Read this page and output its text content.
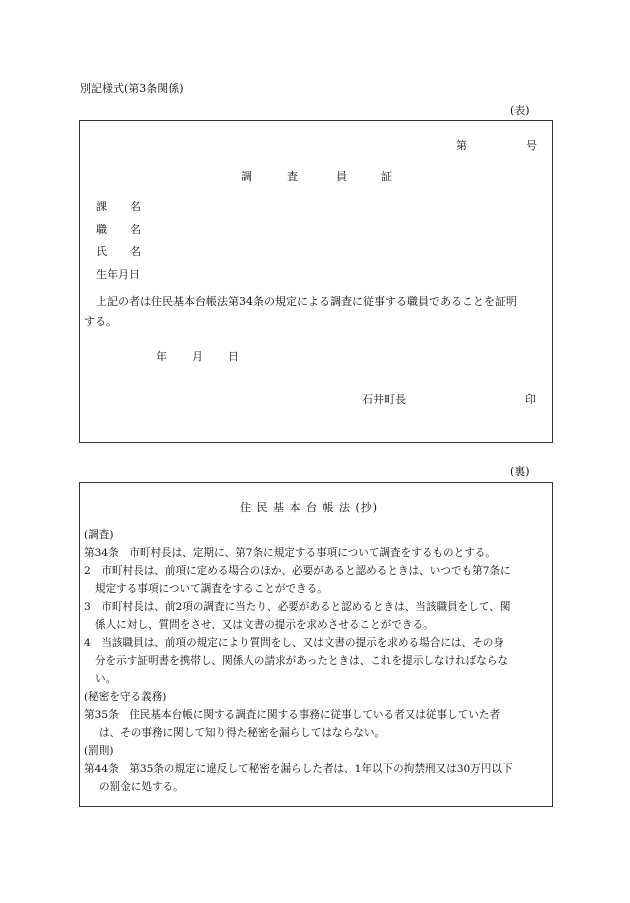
別記様式(第3条関係)
(表)
第	号
調	査	員	証
課 名
職 名
氏 名
生年月日
上記の者は住民基本台帳法第34条の規定による調査に従事する職員であることを証明
する。
年 月 日
石井町長	印
(裏)
住 民 基 本 台 帳 法 (抄)
(調査)
第34条　市町村長は、定期に、第7条に規定する事項について調査をするものとする。
2　市町村長は、前項に定める場合のほか、必要があると認めるときは、いつでも第7条に
規定する事項について調査をすることができる。
3　市町村長は、前2項の調査に当たり、必要があると認めるときは、当該職員をして、関
係人に対し、質問をさせ、又は文書の提示を求めさせることができる。
4　当該職員は、前項の規定により質問をし、又は文書の提示を求める場合には、その身
分を示す証明書を携帯し、関係人の請求があったときは、これを提示しなければならな
い。
(秘密を守る義務)
第35条　住民基本台帳に関する調査に関する事務に従事している者又は従事していた者
は、その事務に関して知り得た秘密を漏らしてはならない。
(罰則)
第44条　第35条の規定に違反して秘密を漏らした者は、1年以下の拘禁刑又は30万円以下
の罰金に処する。
